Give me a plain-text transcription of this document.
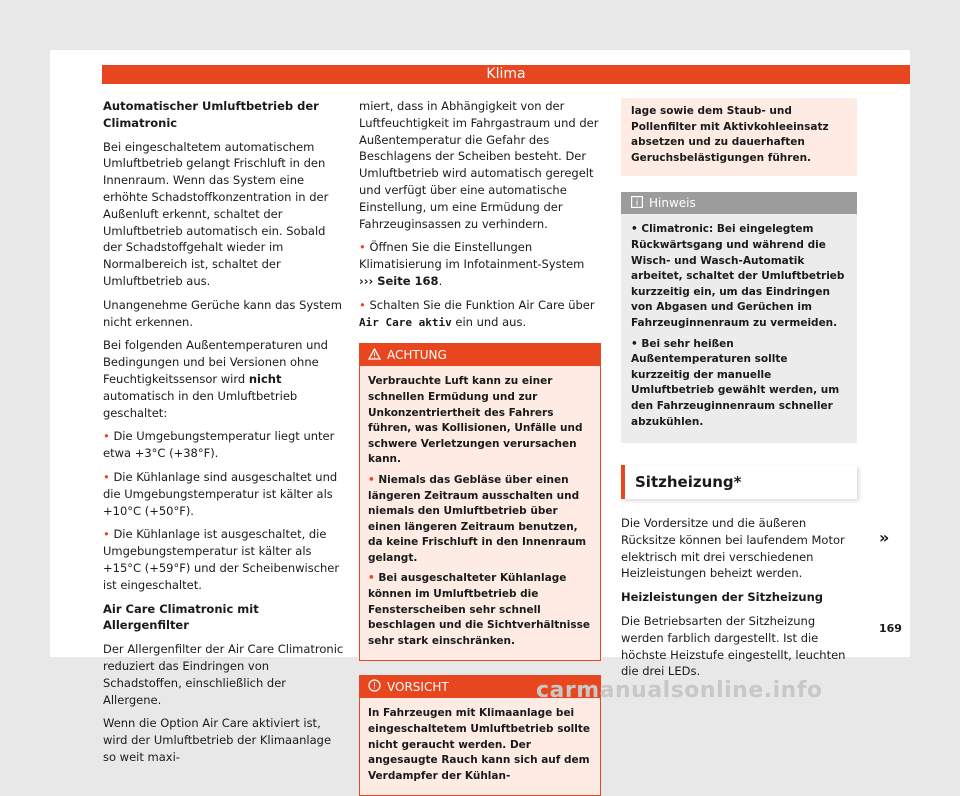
Klima

Automatischer Umluftbetrieb der Climatronic

Bei eingeschaltetem automatischem Umluftbetrieb gelangt Frischluft in den Innenraum. Wenn das System eine erhöhte Schadstoffkonzentration in der Außenluft erkennt, schaltet der Umluftbetrieb automatisch ein. Sobald der Schadstoffgehalt wieder im Normalbereich ist, schaltet der Umluftbetrieb aus.

Unangenehme Gerüche kann das System nicht erkennen.

Bei folgenden Außentemperaturen und Bedingungen und bei Versionen ohne Feuchtigkeitssensor wird nicht automatisch in den Umluftbetrieb geschaltet:

• Die Umgebungstemperatur liegt unter etwa +3°C (+38°F).

• Die Kühlanlage sind ausgeschaltet und die Umgebungstemperatur ist kälter als +10°C (+50°F).

• Die Kühlanlage ist ausgeschaltet, die Umgebungstemperatur ist kälter als +15°C (+59°F) und der Scheibenwischer ist eingeschaltet.

Air Care Climatronic mit Allergenfilter

Der Allergenfilter der Air Care Climatronic reduziert das Eindringen von Schadstoffen, einschließlich der Allergene.

Wenn die Option Air Care aktiviert ist, wird der Umluftbetrieb der Klimaanlage so weit maxi-

miert, dass in Abhängigkeit von der Luftfeuchtigkeit im Fahrgastraum und der Außentemperatur die Gefahr des Beschlagens der Scheiben besteht. Der Umluftbetrieb wird automatisch geregelt und verfügt über eine automatische Einstellung, um eine Ermüdung der Fahrzeuginsassen zu verhindern.

• Öffnen Sie die Einstellungen Klimatisierung im Infotainment-System ››› Seite 168.

• Schalten Sie die Funktion Air Care über Air Care aktiv ein und aus.

ACHTUNG

Verbrauchte Luft kann zu einer schnellen Ermüdung und zur Unkonzentriertheit des Fahrers führen, was Kollisionen, Unfälle und schwere Verletzungen verursachen kann.

• Niemals das Gebläse über einen längeren Zeitraum ausschalten und niemals den Umluftbetrieb über einen längeren Zeitraum benutzen, da keine Frischluft in den Innenraum gelangt.

• Bei ausgeschalteter Kühlanlage können im Umluftbetrieb die Fensterscheiben sehr schnell beschlagen und die Sichtverhältnisse sehr stark einschränken.

VORSICHT

In Fahrzeugen mit Klimaanlage bei eingeschaltetem Umluftbetrieb sollte nicht geraucht werden. Der angesaugte Rauch kann sich auf dem Verdampfer der Kühlan-

lage sowie dem Staub- und Pollenfilter mit Aktivkohleeinsatz absetzen und zu dauerhaften Geruchsbelästigungen führen.
Hinweis

• Climatronic: Bei eingelegtem Rückwärtsgang und während die Wisch- und Wasch-Automatik arbeitet, schaltet der Umluftbetrieb kurzzeitig ein, um das Eindringen von Abgasen und Gerüchen im Fahrzeuginnenraum zu vermeiden.

• Bei sehr heißen Außentemperaturen sollte kurzzeitig der manuelle Umluftbetrieb gewählt werden, um den Fahrzeuginnenraum schneller abzukühlen.

Sitzheizung*

Die Vordersitze und die äußeren Rücksitze können bei laufendem Motor elektrisch mit drei verschiedenen Heizleistungen beheizt werden.

Heizleistungen der Sitzheizung

Die Betriebsarten der Sitzheizung werden farblich dargestellt. Ist die höchste Heizstufe eingestellt, leuchten die drei LEDs.

»
169
carmanualsonline.info
